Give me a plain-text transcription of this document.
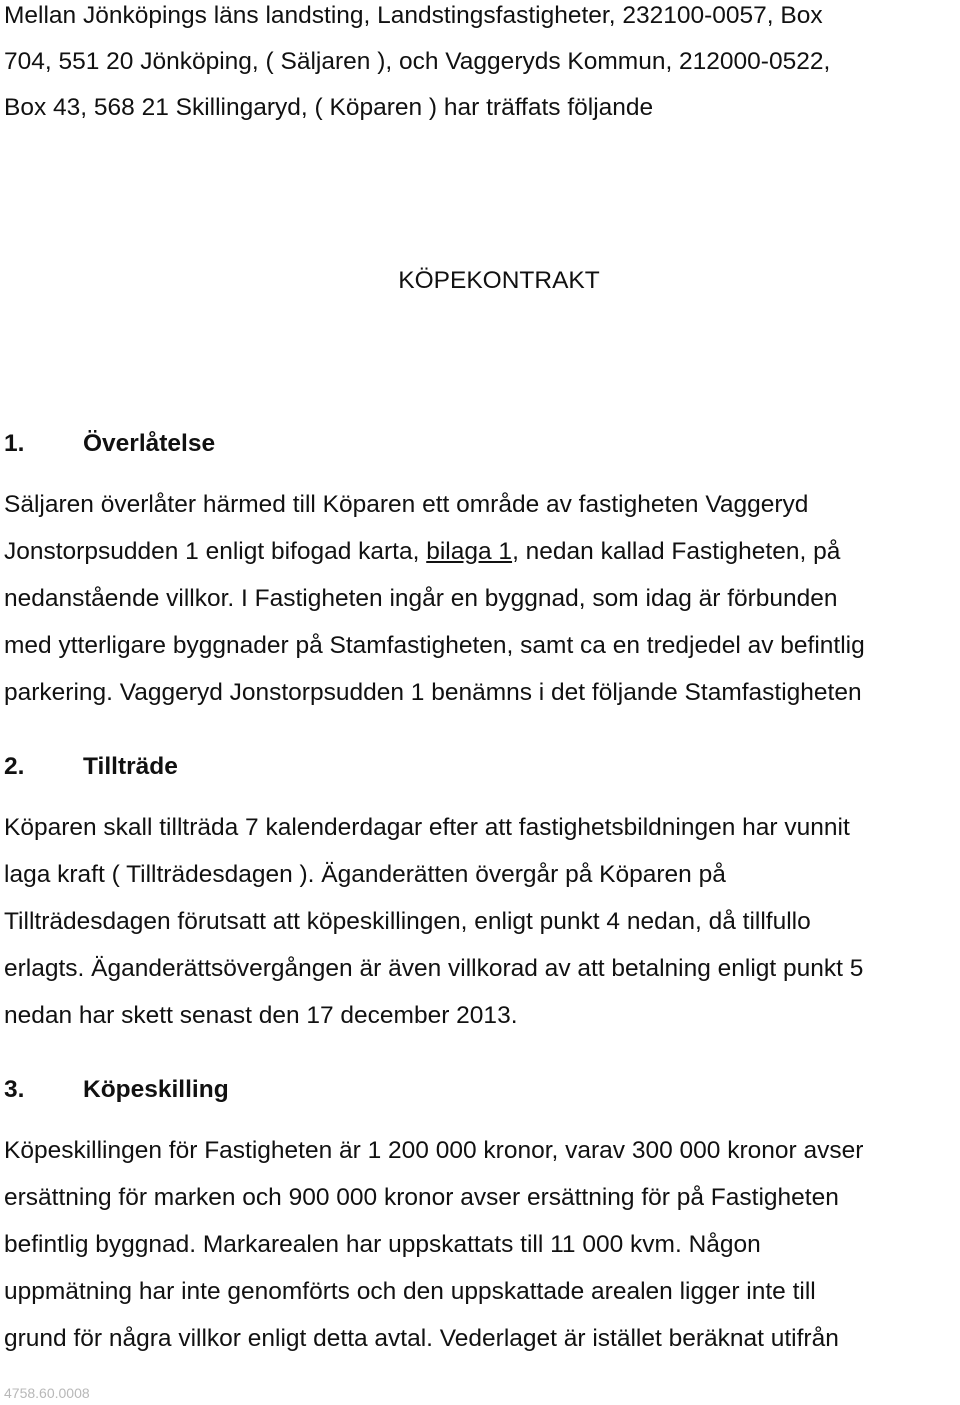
Mellan Jönköpings läns landsting, Landstingsfastigheter, 232100-0057, Box
704, 551 20 Jönköping, ( Säljaren ), och Vaggeryds Kommun, 212000-0522,
Box 43, 568 21 Skillingaryd, ( Köparen ) har träffats följande
KÖPEKONTRAKT
1. Överlåtelse
Säljaren överlåter härmed till Köparen ett område av fastigheten Vaggeryd
Jonstorpsudden 1 enligt bifogad karta, bilaga 1, nedan kallad Fastigheten, på
nedanstående villkor. I Fastigheten ingår en byggnad, som idag är förbunden
med ytterligare byggnader på Stamfastigheten, samt ca en tredjedel av befintlig
parkering. Vaggeryd Jonstorpsudden 1 benämns i det följande Stamfastigheten
2. Tillträde
Köparen skall tillträda 7 kalenderdagar efter att fastighetsbildningen har vunnit
laga kraft ( Tillträdesdagen ). Äganderätten övergår på Köparen på
Tillträdesdagen förutsatt att köpeskillingen, enligt punkt 4 nedan, då tillfullo
erlagts. Äganderättsövergången är även villkorad av att betalning enligt punkt 5
nedan har skett senast den 17 december 2013.
3. Köpeskilling
Köpeskillingen för Fastigheten är 1 200 000 kronor, varav 300 000 kronor avser
ersättning för marken och 900 000 kronor avser ersättning för på Fastigheten
befintlig byggnad. Markarealen har uppskattats till 11 000 kvm. Någon
uppmätning har inte genomförts och den uppskattade arealen ligger inte till
grund för några villkor enligt detta avtal. Vederlaget är istället beräknat utifrån
4758.60.0008
